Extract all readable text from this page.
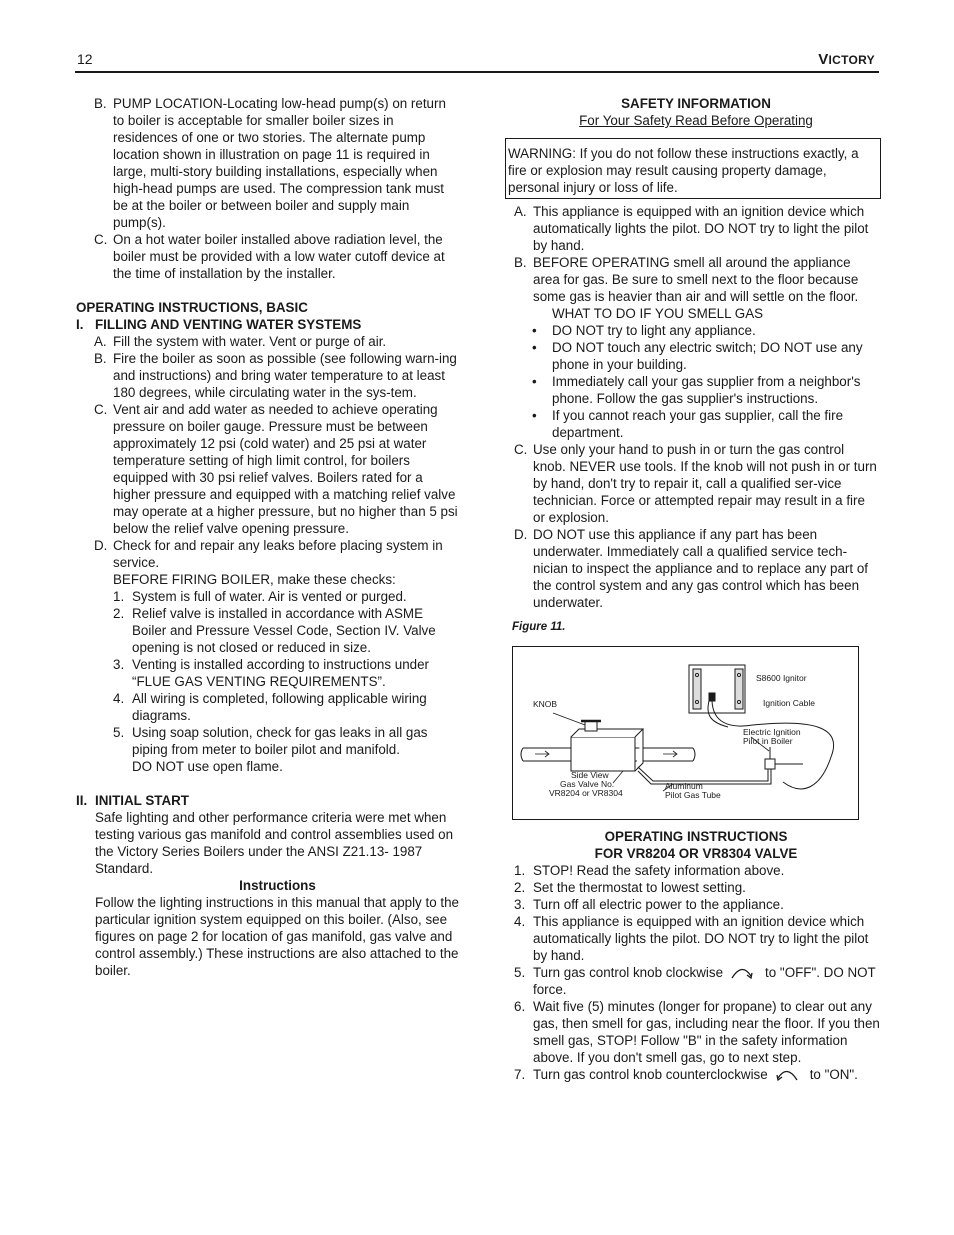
12	VICTORY
B. PUMP LOCATION-Locating low-head pump(s) on return to boiler is acceptable for smaller boiler sizes in residences of one or two stories. The alternate pump location shown in illustration on page 11 is required in large, multi-story building installations, especially when high-head pumps are used. The compression tank must be at the boiler or between boiler and supply main pump(s).
C. On a hot water boiler installed above radiation level, the boiler must be provided with a low water cutoff device at the time of installation by the installer.
OPERATING INSTRUCTIONS, BASIC
I. FILLING AND VENTING WATER SYSTEMS
A. Fill the system with water. Vent or purge of air.
B. Fire the boiler as soon as possible (see following warn-ing and instructions) and bring water temperature to at least 180 degrees, while circulating water in the sys-tem.
C. Vent air and add water as needed to achieve operating pressure on boiler gauge. Pressure must be between approximately 12 psi (cold water) and 25 psi at water temperature setting of high limit control, for boilers equipped with 30 psi relief valves. Boilers rated for a higher pressure and equipped with a matching relief valve may operate at a higher pressure, but no higher than 5 psi below the relief valve opening pressure.
D. Check for and repair any leaks before placing system in service.
BEFORE FIRING BOILER, make these checks:
1. System is full of water. Air is vented or purged.
2. Relief valve is installed in accordance with ASME Boiler and Pressure Vessel Code, Section IV. Valve opening is not closed or reduced in size.
3. Venting is installed according to instructions under “FLUE GAS VENTING REQUIREMENTS”.
4. All wiring is completed, following applicable wiring diagrams.
5. Using soap solution, check for gas leaks in all gas piping from meter to boiler pilot and manifold.
DO NOT use open flame.
II. INITIAL START
Safe lighting and other performance criteria were met when testing various gas manifold and control assemblies used on the Victory Series Boilers under the ANSI Z21.13- 1987 Standard.
Instructions
Follow the lighting instructions in this manual that apply to the particular ignition system equipped on this boiler. (Also, see figures on page 2 for location of gas manifold, gas valve and control assembly.) These instructions are also attached to the boiler.
SAFETY INFORMATION
For Your Safety Read Before Operating
WARNING: If you do not follow these instructions exactly, a fire or explosion may result causing property damage, personal injury or loss of life.
A. This appliance is equipped with an ignition device which automatically lights the pilot. DO NOT try to light the pilot by hand.
B. BEFORE OPERATING smell all around the appliance area for gas. Be sure to smell next to the floor because some gas is heavier than air and will settle on the floor.
WHAT TO DO IF YOU SMELL GAS
• DO NOT try to light any appliance.
• DO NOT touch any electric switch; DO NOT use any phone in your building.
• Immediately call your gas supplier from a neighbor's phone. Follow the gas supplier's instructions.
• If you cannot reach your gas supplier, call the fire department.
C. Use only your hand to push in or turn the gas control knob. NEVER use tools. If the knob will not push in or turn by hand, don't try to repair it, call a qualified ser-vice technician. Force or attempted repair may result in a fire or explosion.
D. DO NOT use this appliance if any part has been underwater. Immediately call a qualified service tech-nician to inspect the appliance and to replace any part of the control system and any gas control which has been underwater.
Figure 11.
S8600 Ignitor
Ignition Cable
KNOB
Electric Ignition
Pilot in Boiler
Side View
Gas Valve No.
VR8204 or VR8304
Aluminum
Pilot Gas Tube
OPERATING INSTRUCTIONS
FOR VR8204 OR VR8304 VALVE
1. STOP! Read the safety information above.
2. Set the thermostat to lowest setting.
3. Turn off all electric power to the appliance.
4. This appliance is equipped with an ignition device which automatically lights the pilot. DO NOT try to light the pilot by hand.
5. Turn gas control knob clockwise	to "OFF". DO NOT force.
6. Wait five (5) minutes (longer for propane) to clear out any gas, then smell for gas, including near the floor. If you then smell gas, STOP! Follow "B" in the safety information above. If you don't smell gas, go to next step.
7. Turn gas control knob counterclockwise	to "ON".
